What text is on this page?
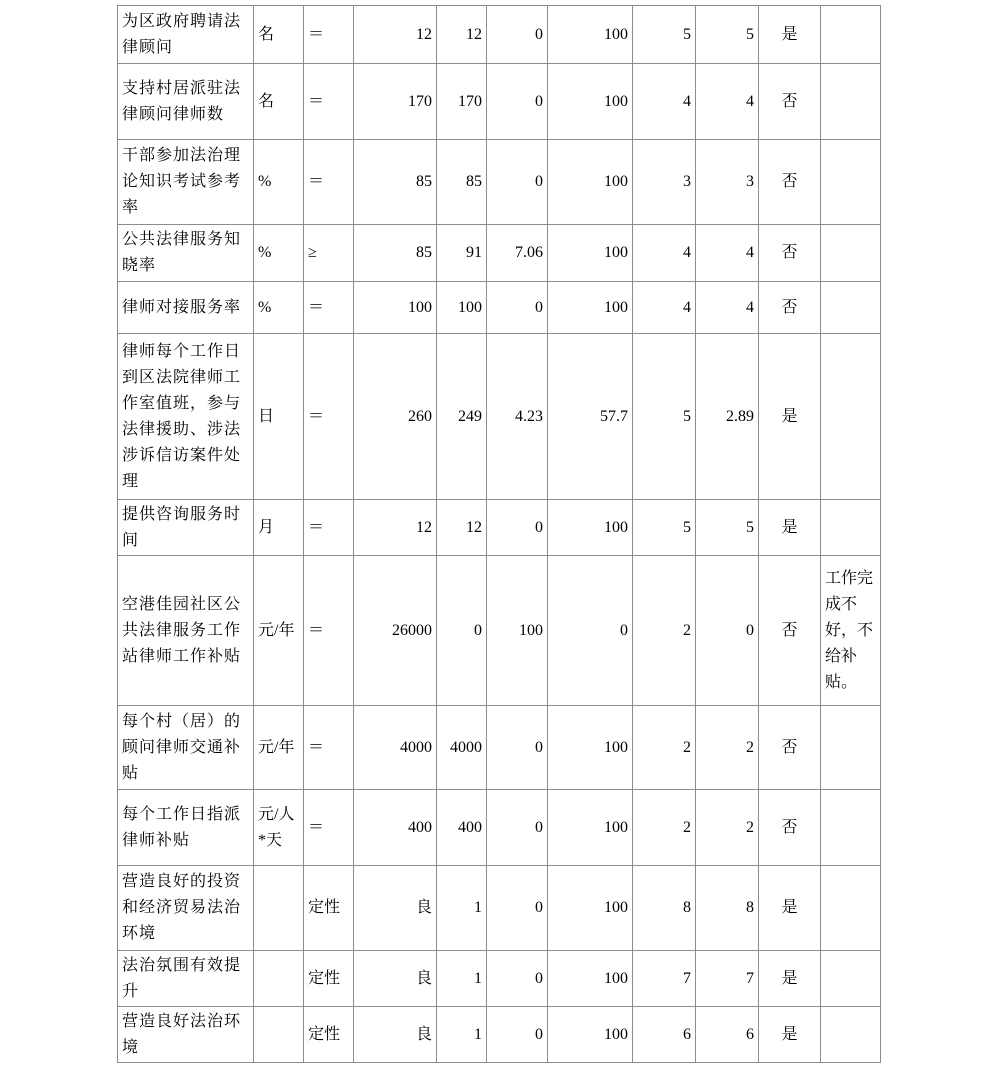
为区政府聘请法律顾问	名	＝	12	12	0	100	5	5	是	
支持村居派驻法律顾问律师数	名	＝	170	170	0	100	4	4	否	
干部参加法治理论知识考试参考率	%	＝	85	85	0	100	3	3	否	
公共法律服务知晓率	%	≥	85	91	7.06	100	4	4	否	
律师对接服务率	%	＝	100	100	0	100	4	4	否	
律师每个工作日到区法院律师工作室值班，参与法律援助、涉法涉诉信访案件处理	日	＝	260	249	4.23	57.7	5	2.89	是	
提供咨询服务时间	月	＝	12	12	0	100	5	5	是	
空港佳园社区公共法律服务工作站律师工作补贴	元/年	＝	26000	0	100	0	2	0	否	工作完成不好，不给补贴。
每个村（居）的顾问律师交通补贴	元/年	＝	4000	4000	0	100	2	2	否	
每个工作日指派律师补贴	元/人*天	＝	400	400	0	100	2	2	否	
营造良好的投资和经济贸易法治环境		定性	良	1	0	100	8	8	是	
法治氛围有效提升		定性	良	1	0	100	7	7	是	
营造良好法治环境		定性	良	1	0	100	6	6	是	
